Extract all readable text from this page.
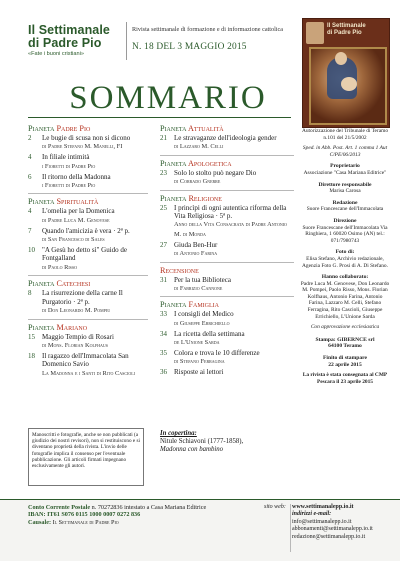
Il Settimanale
di Padre Pio
«Fate i buoni cristiani»
Rivista settimanale di formazione e di informazione cattolica
N. 18 DEL 3 MAGGIO 2015
Il Settimanale
di Padre Pio
SOMMARIO
Pianeta Padre Pio
2	Le bugie di scusa non si dicono
di Padre Stefano M. Manelli, FI
4	In filiale intimità
i Fioretti di Padre Pio
6	Il ritorno della Madonna
i Fioretti di Padre Pio
Pianeta Spiritualità
4	L'omelia per la Domenica
di Padre Luca M. Genovese
7	Quando l'amicizia è vera · 2ª p.
di San Francesco di Sales
10	"A Gesù ho detto sì" Guido de Fontgalland
di Paolo Risso
Pianeta Catechesi
8	La risurrezione della carne Il Purgatorio · 2ª p.
di Don Leonardo M. Pompei
Pianeta Mariano
15	Maggio Tempio di Rosari
di Mons. Florian Kolfhaus
18	Il ragazzo dell'Immacolata San Domenico Savio
La Madonna e i Santi di Rito Cascioli
Pianeta Attualità
21	Le stravaganze dell'ideologia gender
di Lazzaro M. Celli
Pianeta Apologetica
23	Solo lo stolto può negare Dio
di Corrado Gnerre
Pianeta Religione
25	I princìpi di ogni autentica riforma della Vita Religiosa · 5ª p.
Anno della Vita Consacrata di Padre Antonio M. di Monda
27	Giuda Ben-Hur
di Antonio Farina
Recensione
31	Per la tua Biblioteca
di Fabrizio Cannone
Pianeta Famiglia
33	I consigli del Medico
di Giuseppe Errichiello
34	La ricetta della settimana
de L'Unione Sarda
35	Colora e trova le 10 differenze
di Stefano Ferragina
36	Risposte ai lettori
Autorizzazione del Tribunale di Teramo n.101 del 21/5/2002
Sped. in Abb. Post. Art. 1 comma 1 Aut C/PE/06/2013
Proprietario
Associazione "Casa Mariana Editrice"
Direttore responsabile
Marisa Carosa
Redazione
Suore Francescane dell'Immacolata
Direzione
Suore Francescane dell'Immacolata Via Ringhiera, 1 60020 Osimo (AN) tel.: 071/7980743
Foto di:
Elisa Stefano, Archivio redazionale, Agenzia Foto G. Prosi di A. Di Stefano.
Hanno collaborato:
Padre Luca M. Genovese, Don Leonardo M. Pompei, Paolo Risso, Mons. Florian Kolfhaus, Antonio Farina, Antonio Farina, Lazzaro M. Celli, Stefano Ferragina, Rito Cascioli, Giuseppe Errichiello, L'Unione Sarda
Con approvazione ecclesiastica
Stampa: GIBERNCE srl
64100 Teramo
Finito di stampare
22 aprile 2015
La rivista è stata consegnata al CMP Pescara il 23 aprile 2015
Manoscritti e fotografie, anche se non pubblicati (a giudizio dei nostri revisori), non si restituiscono e si diventano proprietà della rivista. L'invio delle fotografie implica il consenso per l'eventuale pubblicazione. Gli articoli firmati impegnano esclusivamente gli autori.
In copertina:
Nitule Schiavoni (1777-1858),
Madonna con bambino
Conto Corrente Postale n. 70272836 intestato a Casa Mariana Editrice
IBAN: IT61 S076 0115 1000 0007 0272 836
Causale: Il Settimanale di Padre Pio
sito web:	www.settimanalepp.io.it
indirizzi e-mail:
info@settimanalepp.io.it
abbonamenti@settimanalepp.io.it
redazione@settimanalepp.io.it
